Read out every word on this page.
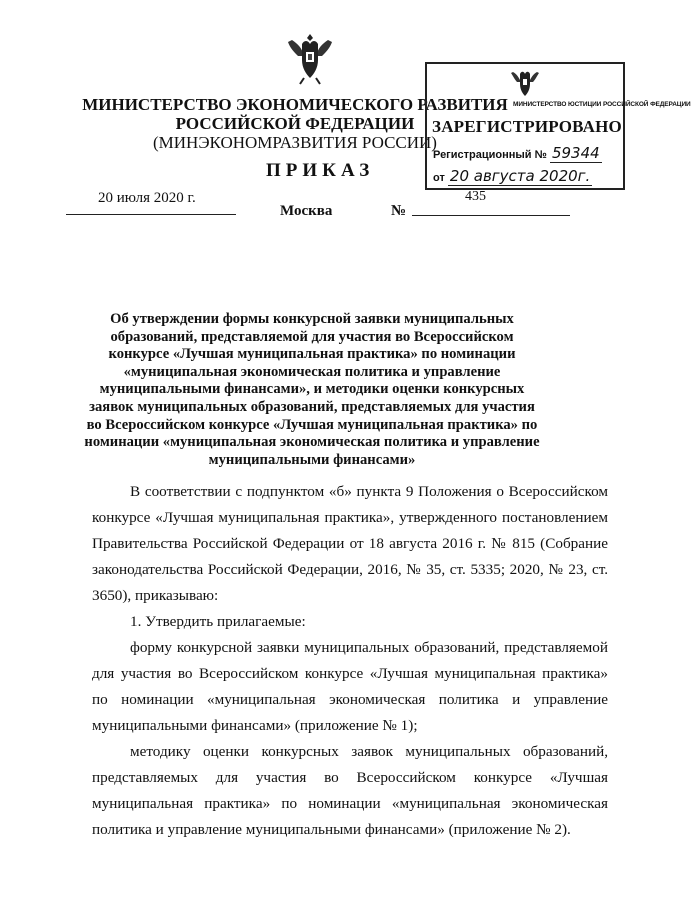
МИНИСТЕРСТВО ЭКОНОМИЧЕСКОГО РАЗВИТИЯ
РОССИЙСКОЙ ФЕДЕРАЦИИ
(МИНЭКОНОМРАЗВИТИЯ РОССИИ)
МИНИСТЕРСТВО ЮСТИЦИИ РОССИЙСКОЙ ФЕДЕРАЦИИ
ЗАРЕГИСТРИРОВАНО
Регистрационный № 59344
от 20 августа 2020г.
ПРИКАЗ
20 июля 2020 г.
Москва	№
435
Об утверждении формы конкурсной заявки муниципальных образований, представляемой для участия во Всероссийском конкурсе «Лучшая муниципальная практика» по номинации «муниципальная экономическая политика и управление муниципальными финансами», и методики оценки конкурсных заявок муниципальных образований, представляемых для участия во Всероссийском конкурсе «Лучшая муниципальная практика» по номинации «муниципальная экономическая политика и управление муниципальными финансами»
В соответствии с подпунктом «б» пункта 9 Положения о Всероссийском конкурсе «Лучшая муниципальная практика», утвержденного постановлением Правительства Российской Федерации от 18 августа 2016 г. № 815 (Собрание законодательства Российской Федерации, 2016, № 35, ст. 5335; 2020, № 23, ст. 3650), приказываю:
1. Утвердить прилагаемые:
форму конкурсной заявки муниципальных образований, представляемой для участия во Всероссийском конкурсе «Лучшая муниципальная практика» по номинации «муниципальная экономическая политика и управление муниципальными финансами» (приложение № 1);
методику оценки конкурсных заявок муниципальных образований, представляемых для участия во Всероссийском конкурсе «Лучшая муниципальная практика» по номинации «муниципальная экономическая политика и управление муниципальными финансами» (приложение № 2).
